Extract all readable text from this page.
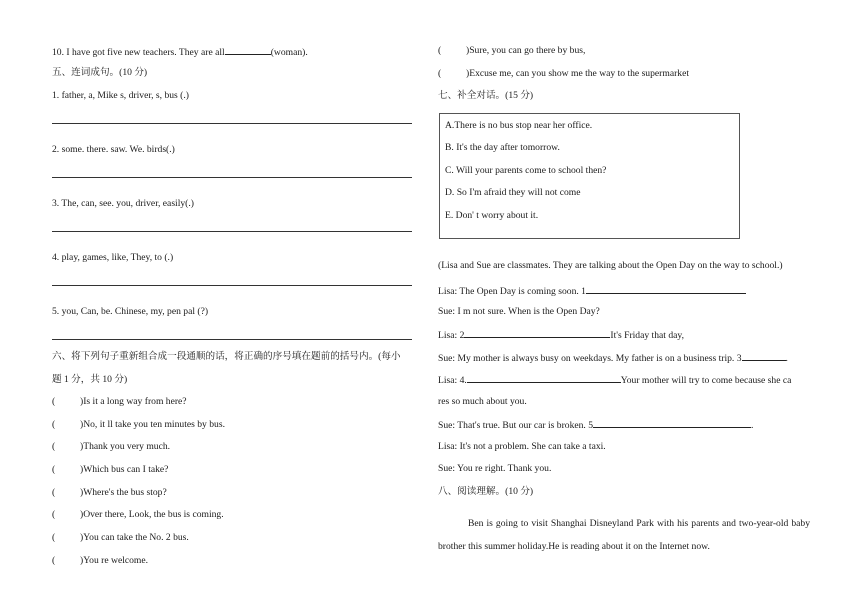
10. I have got five new teachers. They are all	(woman).
五、连词成句。(10 分)
1. father, a, Mike s, driver, s, bus (.)
2. some. there. saw. We. birds(.)
3. The, can, see. you, driver, easily(.)
4. play, games, like, They, to (.)
5. you, Can, be. Chinese, my, pen pal (?)
六、将下列句子重新组合成一段通顺的话，将正确的序号填在题前的括号内。(每小
题 1 分，共 10 分)
(	)Is it a long way from here?
(	)No, it ll take you ten minutes by bus.
(	)Thank you very much.
(	)Which bus can I take?
(	)Where's the bus stop?
(	)Over there, Look, the bus is coming.
(	)You can take the No. 2 bus.
(	)You re welcome.
(	)Sure, you can go there by bus,
(	)Excuse me, can you show me the way to the supermarket
七、补全对话。(15 分)
(Lisa and Sue are classmates. They are talking about the Open Day on the way to school.)
Lisa: The Open Day is coming soon. 1
Sue: I m not sure. When is the Open Day?
Lisa: 2	It's Friday that day,
Sue: My mother is always busy on weekdays. My father is on a business trip. 3	.
Lisa: 4.	Your mother will try to come because she ca
res so much about you.
Sue: That's true. But our car is broken. 5	.
Lisa: It's not a problem. She can take a taxi.
Sue: You re right. Thank you.
八、阅读理解。(10 分)
Ben is going to visit Shanghai Disneyland Park with his parents and two-year-old baby brother this summer holiday.He is reading about it on the Internet now.
A.There is no bus stop near her office.
B. It's the day after tomorrow.
C. Will your parents come to school then?
D. So I'm afraid they will not come
E. Don' t worry about it.
